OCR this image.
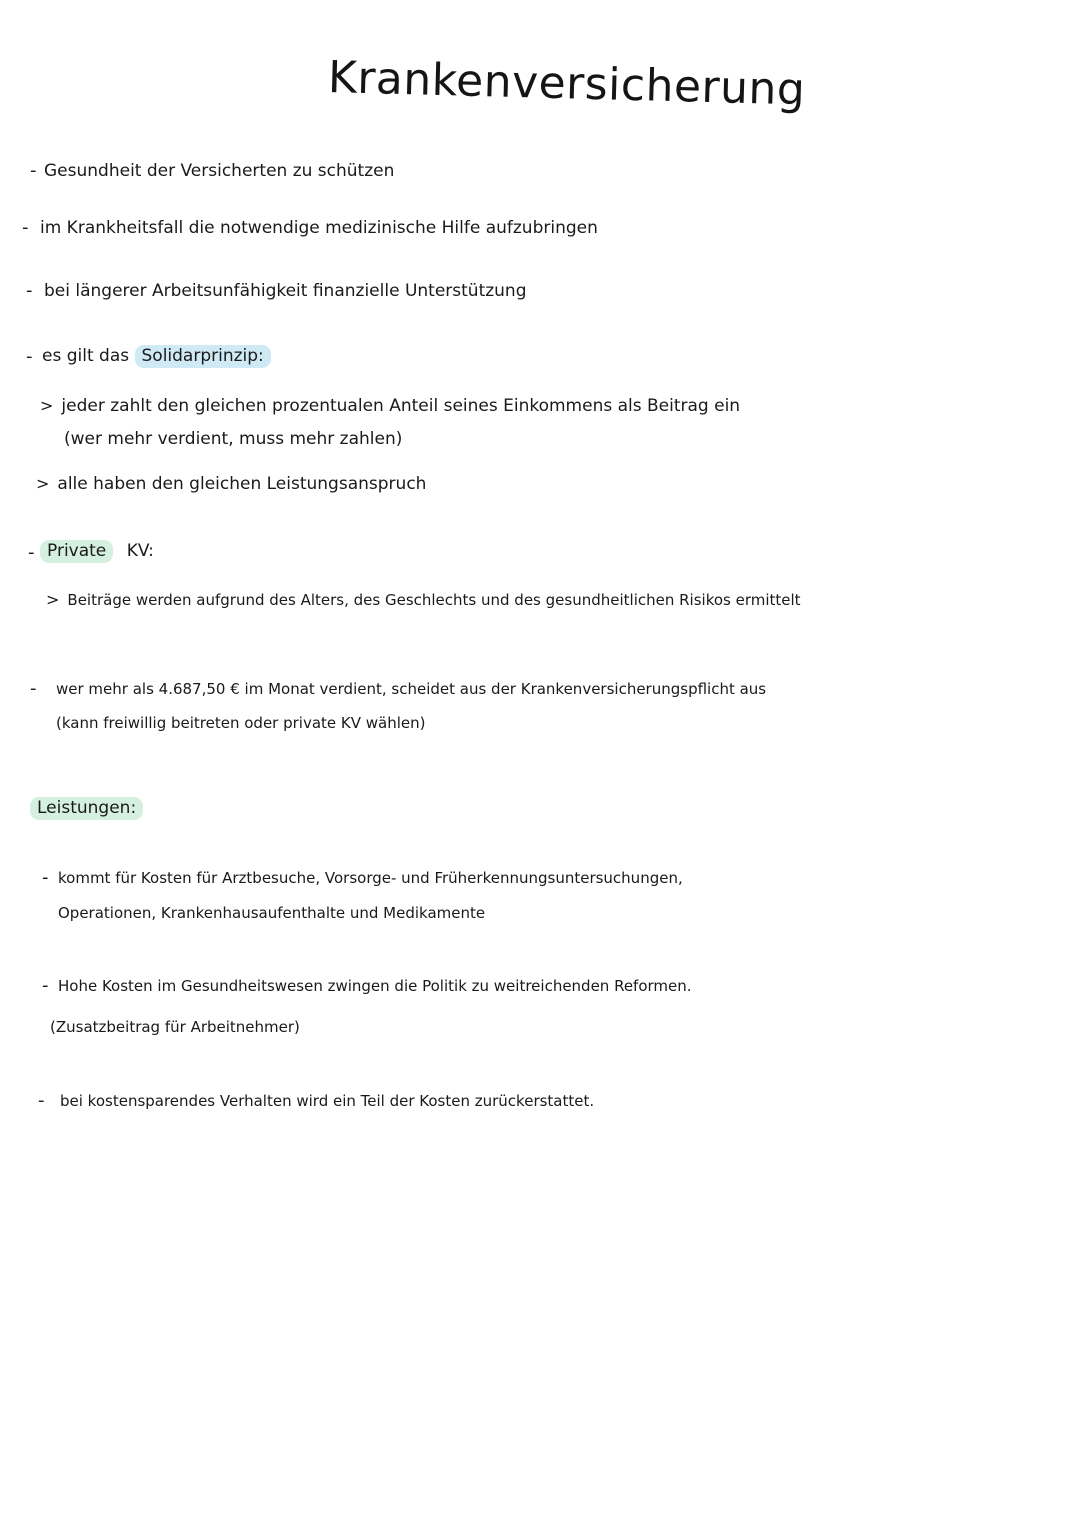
Krankenversicherung
- Gesundheit der Versicherten zu schützen
- im Krankheitsfall die notwendige medizinische Hilfe aufzubringen
- bei längerer Arbeitsunfähigkeit finanzielle Unterstützung
- es gilt das Solidarprinzip:
> jeder zahlt den gleichen prozentualen Anteil seines Einkommens als Beitrag ein
(wer mehr verdient, muss mehr zahlen)
> alle haben den gleichen Leistungsanspruch
- Private KV:
> Beiträge werden aufgrund des Alters, des Geschlechts und des gesundheitlichen Risikos ermittelt
- wer mehr als 4.687,50 € im Monat verdient, scheidet aus der Krankenversicherungspflicht aus
(kann freiwillig beitreten oder private KV wählen)
Leistungen:
- kommt für Kosten für Arztbesuche, Vorsorge- und Früherkennungsuntersuchungen,
Operationen, Krankenhausaufenthalte und Medikamente
- Hohe Kosten im Gesundheitswesen zwingen die Politik zu weitreichenden Reformen.
(Zusatzbeitrag für Arbeitnehmer)
- bei kostensparendes Verhalten wird ein Teil der Kosten zurückerstattet.
